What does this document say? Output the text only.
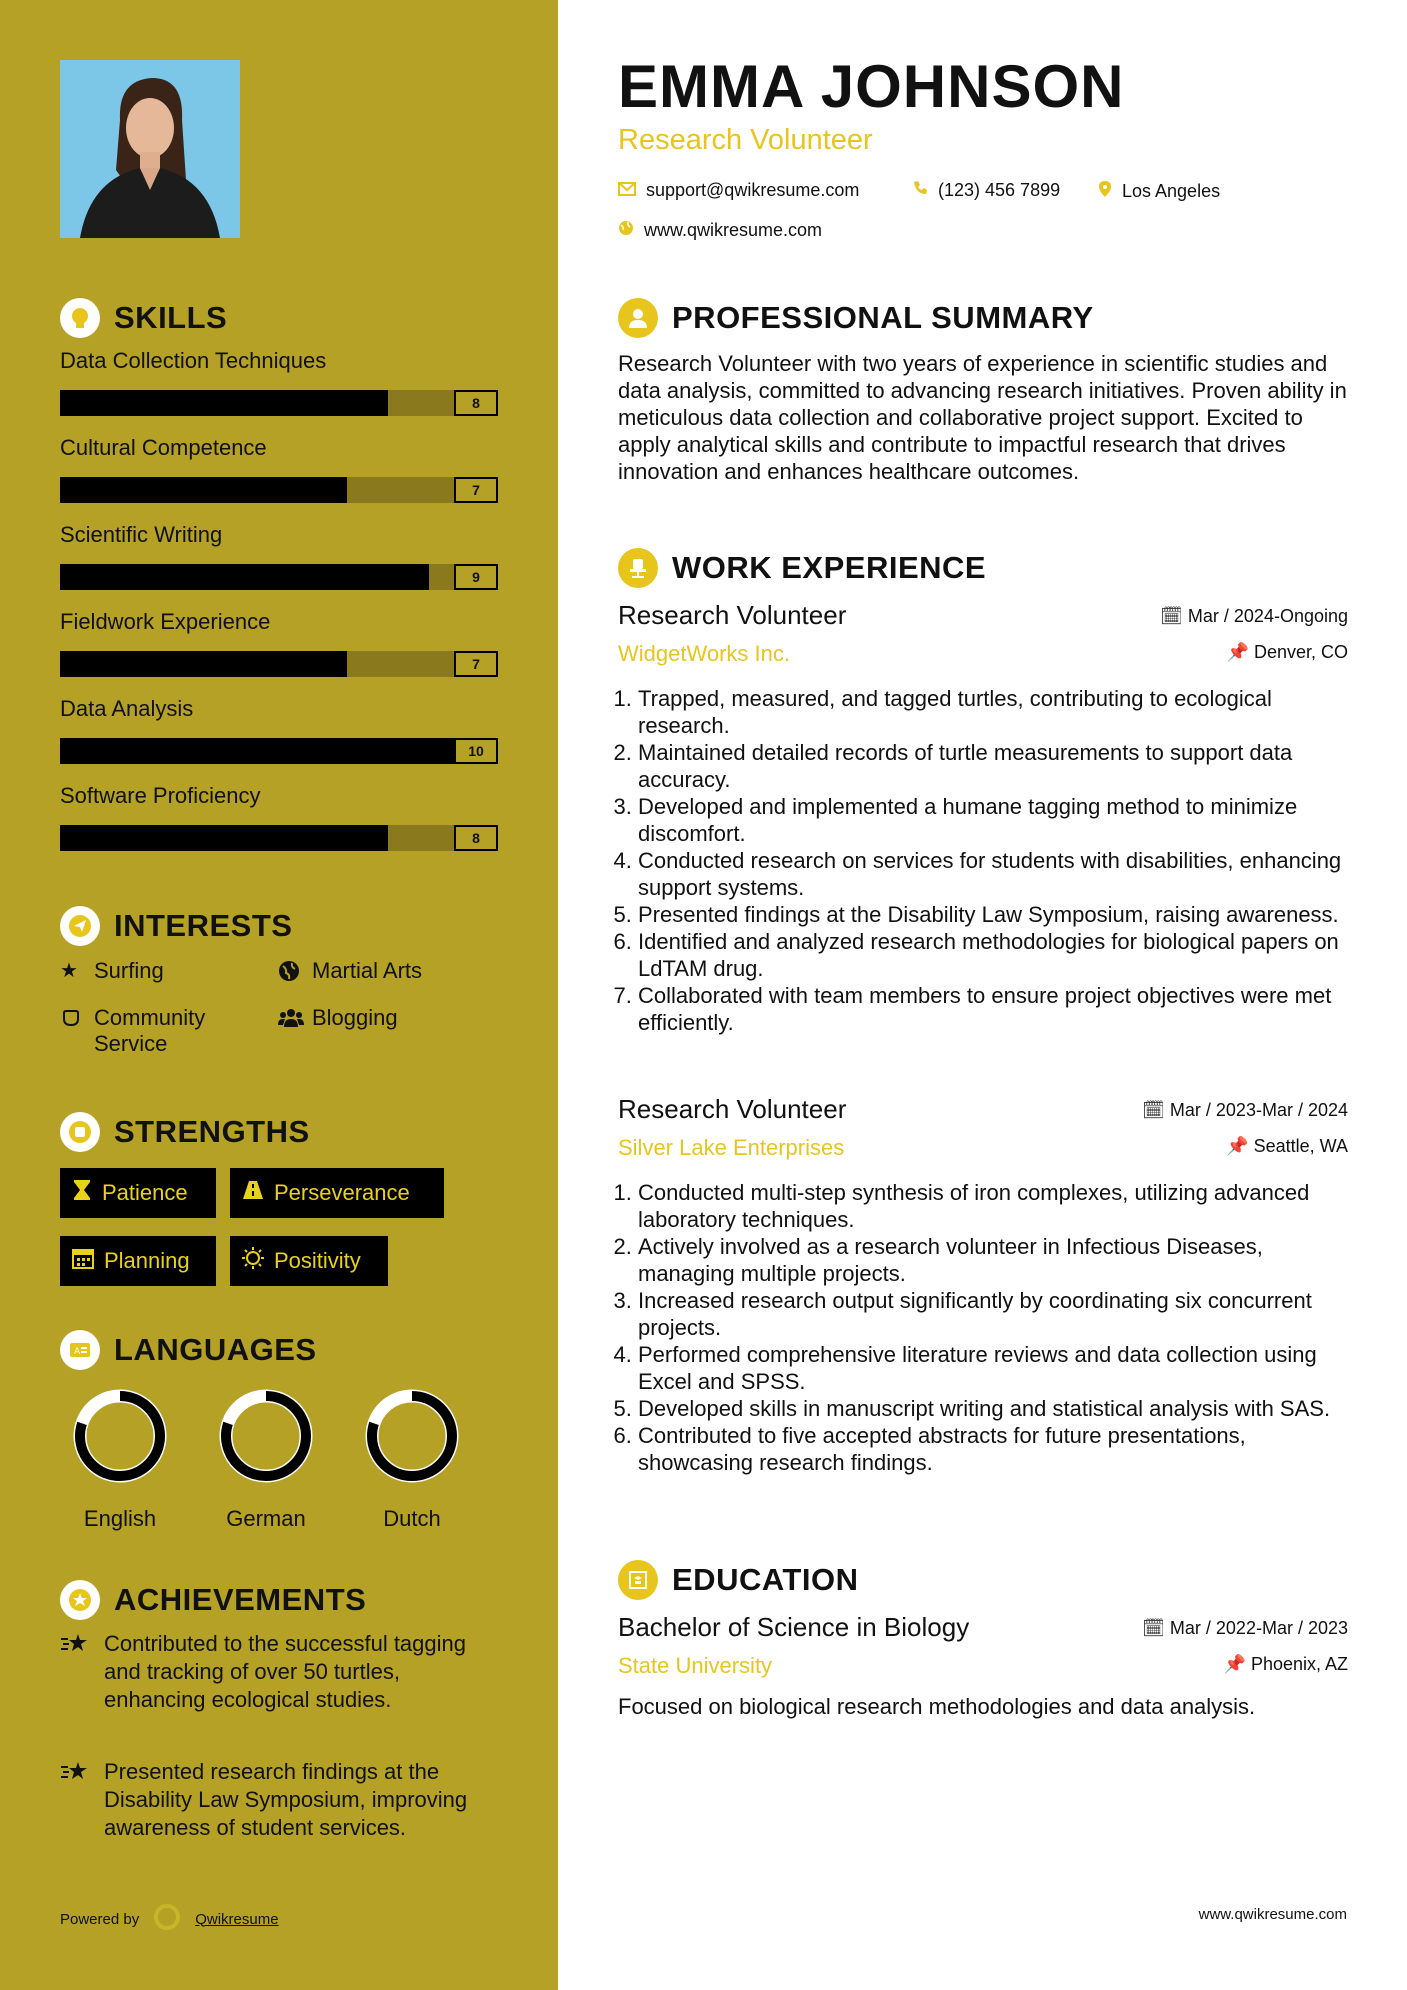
SKILLS
Data Collection Techniques
8
Cultural Competence
7
Scientific Writing
9
Fieldwork Experience
7
Data Analysis
10
Software Proficiency
8
INTERESTS
★ Surfing	Martial Arts
Community Service
Blogging
STRENGTHS
Patience	Perseverance
Planning	Positivity
A LANGUAGES
English	German	Dutch
ACHIEVEMENTS
Contributed to the successful tagging and tracking of over 50 turtles, enhancing ecological studies.
Presented research findings at the Disability Law Symposium, improving awareness of student services.
Powered by	Qwikresume
EMMA JOHNSON
Research Volunteer
support@qwikresume.com	(123) 456 7899	Los Angeles
www.qwikresume.com
PROFESSIONAL SUMMARY
Research Volunteer with two years of experience in scientific studies and data analysis, committed to advancing research initiatives. Proven ability in meticulous data collection and collaborative project support. Excited to apply analytical skills and contribute to impactful research that drives innovation and enhances healthcare outcomes.
WORK EXPERIENCE
Research Volunteer	🗓 Mar / 2024-Ongoing
WidgetWorks Inc.	📌 Denver, CO
1. Trapped, measured, and tagged turtles, contributing to ecological research.
2. Maintained detailed records of turtle measurements to support data accuracy.
3. Developed and implemented a humane tagging method to minimize discomfort.
4. Conducted research on services for students with disabilities, enhancing support systems.
5. Presented findings at the Disability Law Symposium, raising awareness.
6. Identified and analyzed research methodologies for biological papers on LdTAM drug.
7. Collaborated with team members to ensure project objectives were met efficiently.
Research Volunteer	🗓 Mar / 2023-Mar / 2024
Silver Lake Enterprises	📌 Seattle, WA
1. Conducted multi-step synthesis of iron complexes, utilizing advanced laboratory techniques.
2. Actively involved as a research volunteer in Infectious Diseases, managing multiple projects.
3. Increased research output significantly by coordinating six concurrent projects.
4. Performed comprehensive literature reviews and data collection using Excel and SPSS.
5. Developed skills in manuscript writing and statistical analysis with SAS.
6. Contributed to five accepted abstracts for future presentations, showcasing research findings.
EDUCATION
Bachelor of Science in Biology	🗓 Mar / 2022-Mar / 2023
State University	📌 Phoenix, AZ
Focused on biological research methodologies and data analysis.
www.qwikresume.com
